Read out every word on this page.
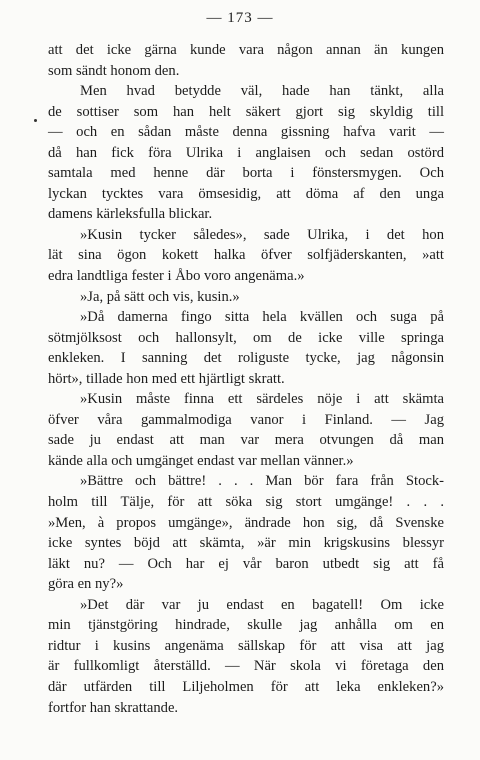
— 173 —
att det icke gärna kunde vara någon annan än kungen
som sändt honom den.
Men hvad betydde väl, hade han tänkt, alla
de sottiser som han helt säkert gjort sig skyldig till
— och en sådan måste denna gissning hafva varit —
då han fick föra Ulrika i anglaisen och sedan ostörd
samtala med henne där borta i fönstersmygen. Och
lyckan tycktes vara ömsesidig, att döma af den unga
damens kärleksfulla blickar.
»Kusin tycker således», sade Ulrika, i det hon
lät sina ögon kokett halka öfver solfjäderskanten, »att
edra landtliga fester i Åbo voro angenäma.»
»Ja, på sätt och vis, kusin.»
»Då damerna fingo sitta hela kvällen och suga på
sötmjölksost och hallonsylt, om de icke ville springa
enkleken. I sanning det roliguste tycke, jag någonsin
hört», tillade hon med ett hjärtligt skratt.
»Kusin måste finna ett särdeles nöje i att skämta
öfver våra gammalmodiga vanor i Finland. — Jag
sade ju endast att man var mera otvungen då man
kände alla och umgänget endast var mellan vänner.»
»Bättre och bättre! . . . Man bör fara från Stock-
holm till Tälje, för att söka sig stort umgänge! . . .
»Men, à propos umgänge», ändrade hon sig, då Svenske
icke syntes böjd att skämta, »är min krigskusins blessyr
läkt nu? — Och har ej vår baron utbedt sig att få
göra en ny?»
»Det där var ju endast en bagatell! Om icke
min tjänstgöring hindrade, skulle jag anhålla om en
ridtur i kusins angenäma sällskap för att visa att jag
är fullkomligt återställd. — När skola vi företaga den
där utfärden till Liljeholmen för att leka enkleken?»
fortfor han skrattande.
